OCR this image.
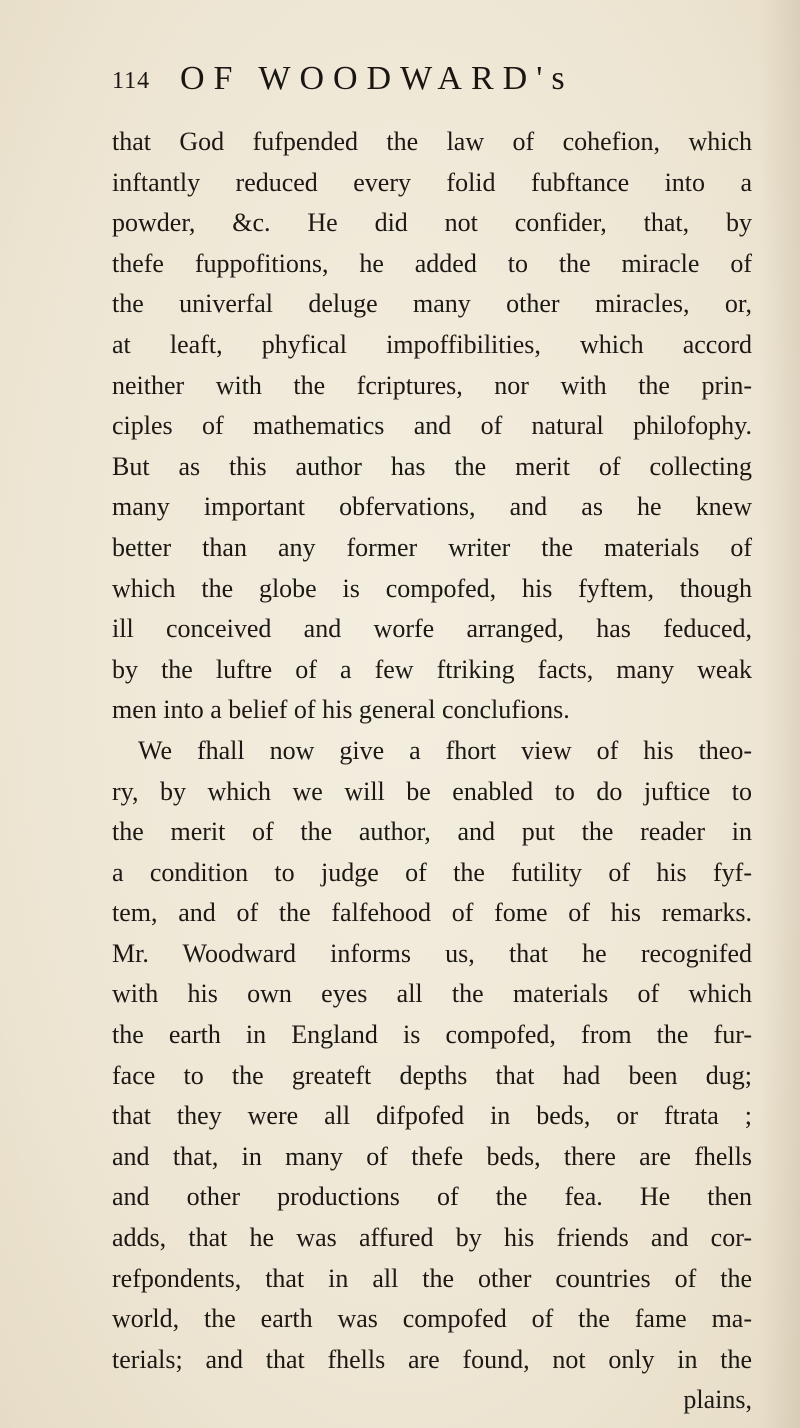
114 OF WOODWARD's
that God fufpended the law of cohefion, which
inftantly reduced every folid fubftance into a
powder, &c. He did not confider, that, by
thefe fuppofitions, he added to the miracle of
the univerfal deluge many other miracles, or,
at leaft, phyfical impoffibilities, which accord
neither with the fcriptures, nor with the prin-
ciples of mathematics and of natural philofophy.
But as this author has the merit of collecting
many important obfervations, and as he knew
better than any former writer the materials of
which the globe is compofed, his fyftem, though
ill conceived and worfe arranged, has feduced,
by the luftre of a few ftriking facts, many weak
men into a belief of his general conclufions.
We fhall now give a fhort view of his theo-
ry, by which we will be enabled to do juftice to
the merit of the author, and put the reader in
a condition to judge of the futility of his fyf-
tem, and of the falfehood of fome of his remarks.
Mr. Woodward informs us, that he recognifed
with his own eyes all the materials of which
the earth in England is compofed, from the fur-
face to the greateft depths that had been dug;
that they were all difpofed in beds, or ftrata ;
and that, in many of thefe beds, there are fhells
and other productions of the fea. He then
adds, that he was affured by his friends and cor-
refpondents, that in all the other countries of the
world, the earth was compofed of the fame ma-
terials; and that fhells are found, not only in the
plains,
